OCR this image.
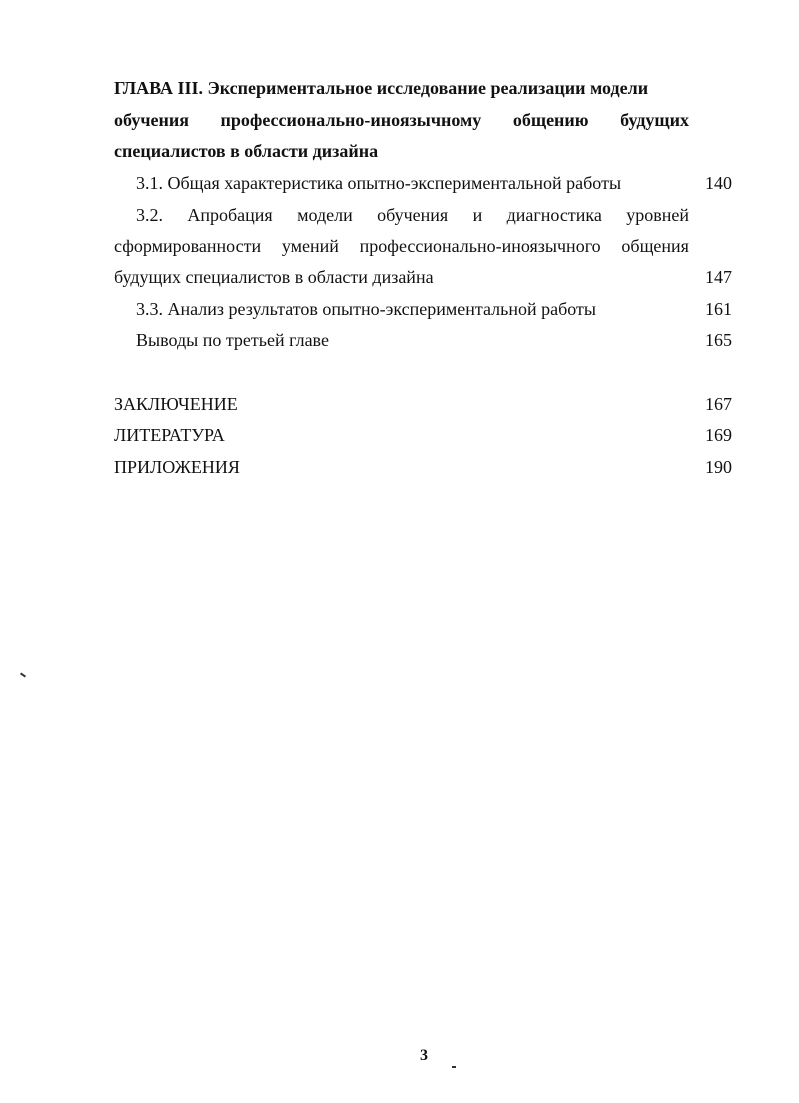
ГЛАВА III. Экспериментальное исследование реализации модели
обучения профессионально-иноязычному общению будущих
специалистов в области дизайна
3.1. Общая характеристика опытно-экспериментальной работы	140
3.2. Апробация модели обучения и диагностика уровней
сформированности умений профессионально-иноязычного общения
будущих специалистов в области дизайна	147
3.3. Анализ результатов опытно-экспериментальной работы	161
Выводы по третьей главе	165
ЗАКЛЮЧЕНИЕ	167
ЛИТЕРАТУРА	169
ПРИЛОЖЕНИЯ	190
3
